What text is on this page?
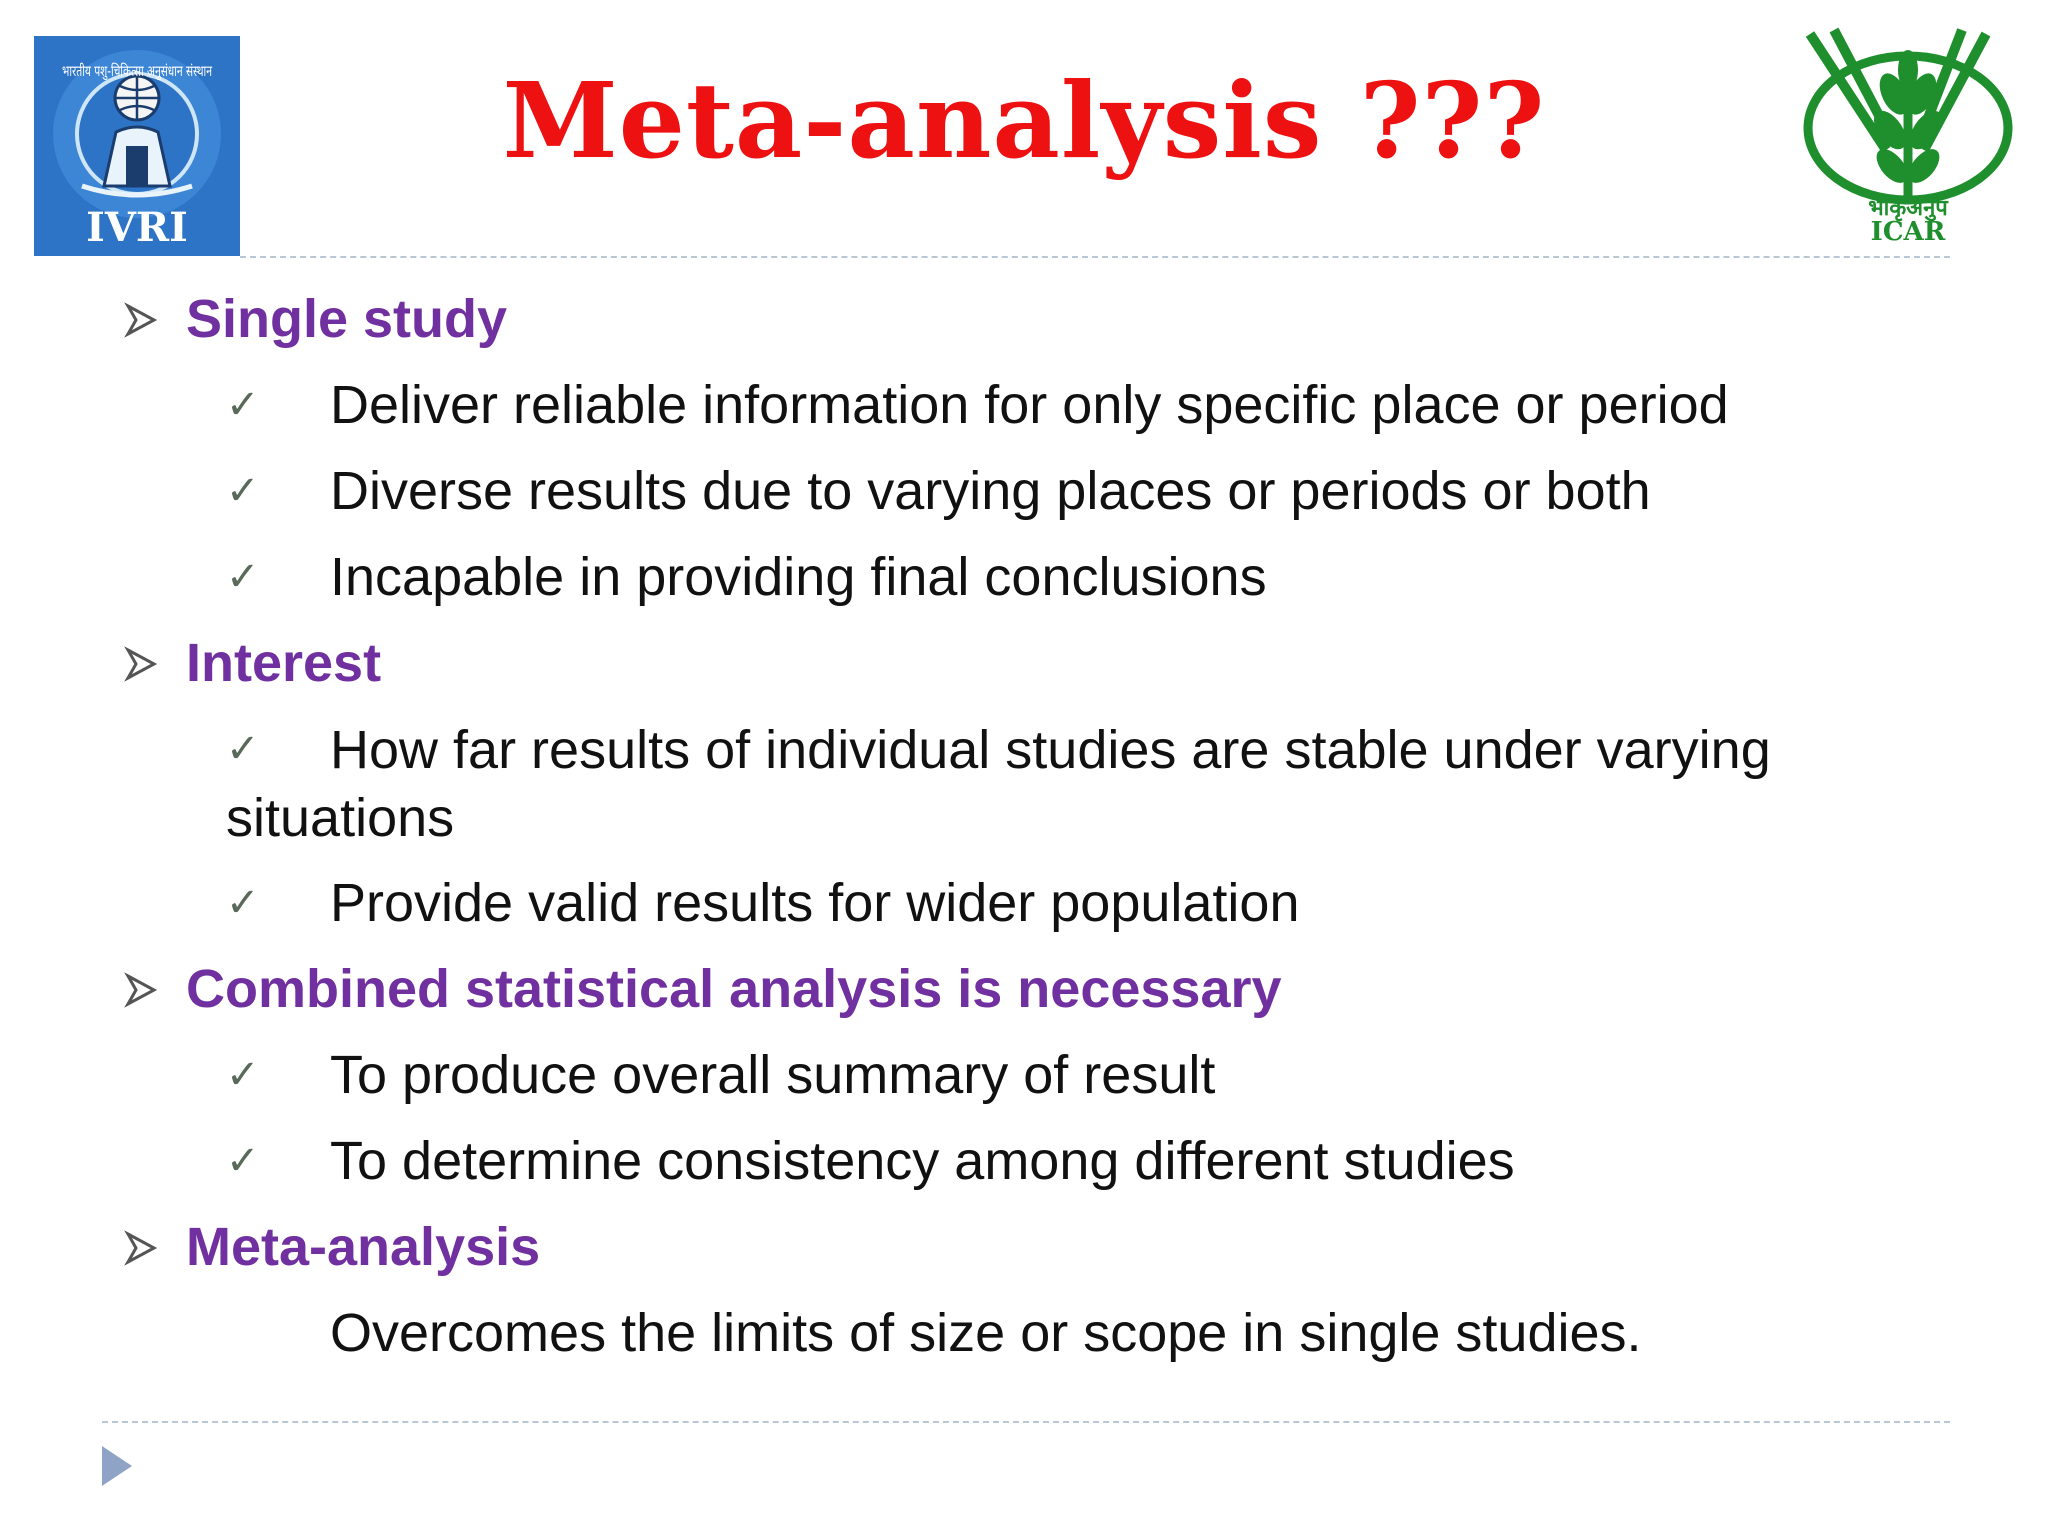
भारतीय पशु-चिकित्सा अनुसंधान संस्थान
IVRI
Meta-analysis ???
भाकृअनुप
ICAR
Single study
✓ Deliver reliable information for only specific place or period
✓ Diverse results due to varying places or periods or both
✓ Incapable in providing final conclusions
Interest
✓	How far results of individual studies are stable under varying situations
✓ Provide valid results for wider population
Combined statistical analysis is necessary
✓ To produce overall summary of result
✓ To determine consistency among different studies
Meta-analysis
Overcomes the limits of size or scope in single studies.
